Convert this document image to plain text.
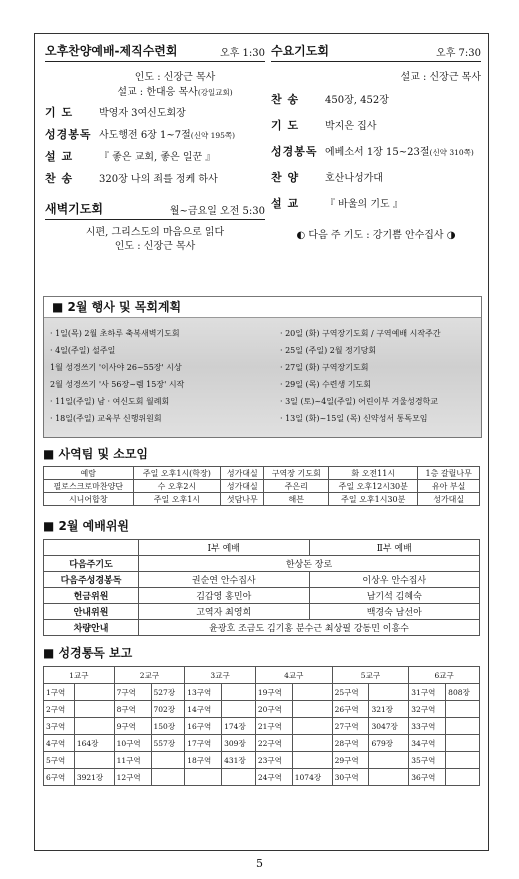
오후찬양예배-제직수련회	오후 1:30
인도 : 신장근 목사
설교 : 한대응 목사(강일교회)
기 도	박영자 3여신도회장
성경봉독 사도행전 6장 1~7절 (신약 195쪽)
설 교	『 좋은 교회, 좋은 일꾼 』
찬 송	320장 나의 죄를 정케 하사
새벽기도회	월~금요일 오전 5:30
시편, 그리스도의 마음으로 읽다
인도 : 신장근 목사
수요기도회	오후 7:30
설교 : 신장근 목사
찬 송	450장, 452장
기 도	박지은 집사
성경봉독 에베소서 1장 15~23절 (신약 310쪽)
찬 양	호산나성가대
설 교	『 바울의 기도 』
◐ 다음 주 기도 : 강기쁨 안수집사 ◑
■ 2월 행사 및 목회계획
· 1일(목) 2월 초하루 축복새벽기도회
· 4일(주일) 설주일
1월 성경쓰기 '이사야 26~55장' 시상
2월 성경쓰기 '사 56장~렘 15장' 시작
· 11일(주일) 남 · 여신도회 월례회
· 18일(주일) 교육부 신행위원회
· 20일 (화) 구역장기도회 / 구역예배 시작주간
· 25일 (주일) 2월 정기당회
· 27일 (화) 구역장기도회
· 29일 (목) 수련생 기도회
· 3일 (토)~4일(주일) 어린이부 겨울성경학교
· 13일 (화)~15일 (목) 신약성서 통독모임
■ 사역팀 및 소모임
예람	주일 오후1시(학장)	성가대실	구역장 기도회	화 오전11시	1층 갈릴나무
필로스크로마찬양단	수 오후2시	성가대실	주은리	주일 오후12시30분	유아 부실
시니어합창	주일 오후1시	섯담나무	해븐	주일 오후1시30분	성가대실
■ 2월 예배위원
	Ⅰ부 예배	Ⅱ부 예배
다음주기도	한상돈 장로	
다음주성경봉독	권순연 안수집사	이상우 안수집사
헌금위원	김갑영 홍민아	남기석 김혜숙
안내위원	고역자 최영희	백경숙 남선아
차량안내	윤광호 조금도 김기홍 분수근 최상필 강동민 이흥수	
■ 성경통독 보고
1교구		2교구		3교구		4교구		5교구		6교구	
1구역		7구역	527장	13구역		19구역		25구역		31구역	808장
2구역		8구역	702장	14구역		20구역		26구역	321장	32구역	
3구역		9구역	150장	16구역	174장	21구역		27구역	3047장	33구역	
4구역	164장	10구역	557장	17구역	309장	22구역		28구역	679장	34구역	
5구역		11구역		18구역	431장	23구역		29구역		35구역	
6구역	3921장	12구역				24구역	1074장	30구역		36구역	
5
